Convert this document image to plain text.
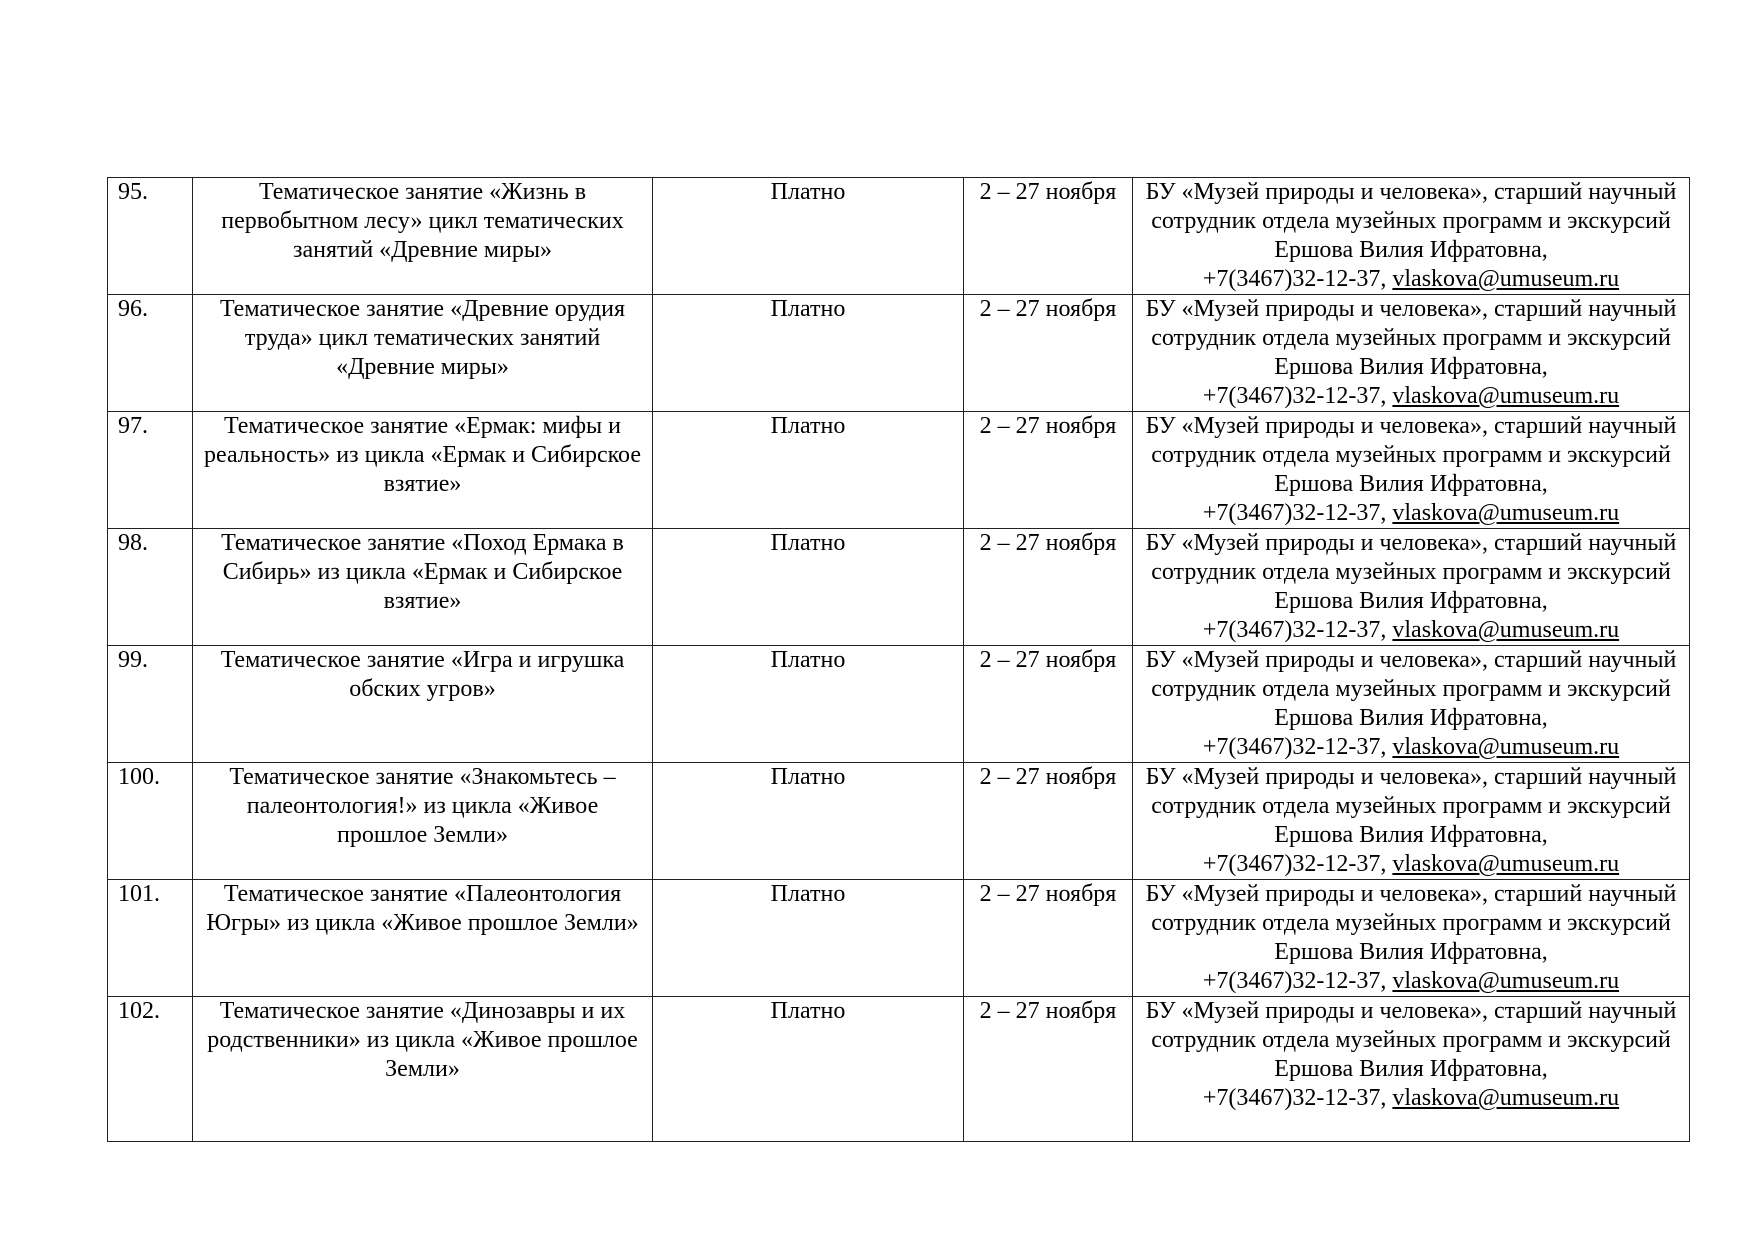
95.	Тематическое занятие «Жизнь в первобытном лесу» цикл тематических занятий «Древние миры»	Платно	2 – 27 ноября	БУ «Музей природы и человека», старший научный сотрудник отдела музейных программ и экскурсий Ершова Вилия Ифратовна,
+7(3467)32-12-37, vlaskova@umuseum.ru
96.	Тематическое занятие «Древние орудия труда» цикл тематических занятий «Древние миры»	Платно	2 – 27 ноября	БУ «Музей природы и человека», старший научный сотрудник отдела музейных программ и экскурсий Ершова Вилия Ифратовна,
+7(3467)32-12-37, vlaskova@umuseum.ru
97.	Тематическое занятие «Ермак: мифы и реальность» из цикла «Ермак и Сибирское взятие»	Платно	2 – 27 ноября	БУ «Музей природы и человека», старший научный сотрудник отдела музейных программ и экскурсий Ершова Вилия Ифратовна,
+7(3467)32-12-37, vlaskova@umuseum.ru
98.	Тематическое занятие «Поход Ермака в Сибирь» из цикла «Ермак и Сибирское взятие»	Платно	2 – 27 ноября	БУ «Музей природы и человека», старший научный сотрудник отдела музейных программ и экскурсий Ершова Вилия Ифратовна,
+7(3467)32-12-37, vlaskova@umuseum.ru
99.	Тематическое занятие «Игра и игрушка обских угров»	Платно	2 – 27 ноября	БУ «Музей природы и человека», старший научный сотрудник отдела музейных программ и экскурсий Ершова Вилия Ифратовна,
+7(3467)32-12-37, vlaskova@umuseum.ru
100.	Тематическое занятие «Знакомьтесь – палеонтология!» из цикла «Живое прошлое Земли»	Платно	2 – 27 ноября	БУ «Музей природы и человека», старший научный сотрудник отдела музейных программ и экскурсий Ершова Вилия Ифратовна,
+7(3467)32-12-37, vlaskova@umuseum.ru
101.	Тематическое занятие «Палеонтология Югры» из цикла «Живое прошлое Земли»	Платно	2 – 27 ноября	БУ «Музей природы и человека», старший научный сотрудник отдела музейных программ и экскурсий Ершова Вилия Ифратовна,
+7(3467)32-12-37, vlaskova@umuseum.ru
102.	Тематическое занятие «Динозавры и их родственники» из цикла «Живое прошлое Земли»	Платно	2 – 27 ноября	БУ «Музей природы и человека», старший научный сотрудник отдела музейных программ и экскурсий Ершова Вилия Ифратовна,
+7(3467)32-12-37, vlaskova@umuseum.ru
